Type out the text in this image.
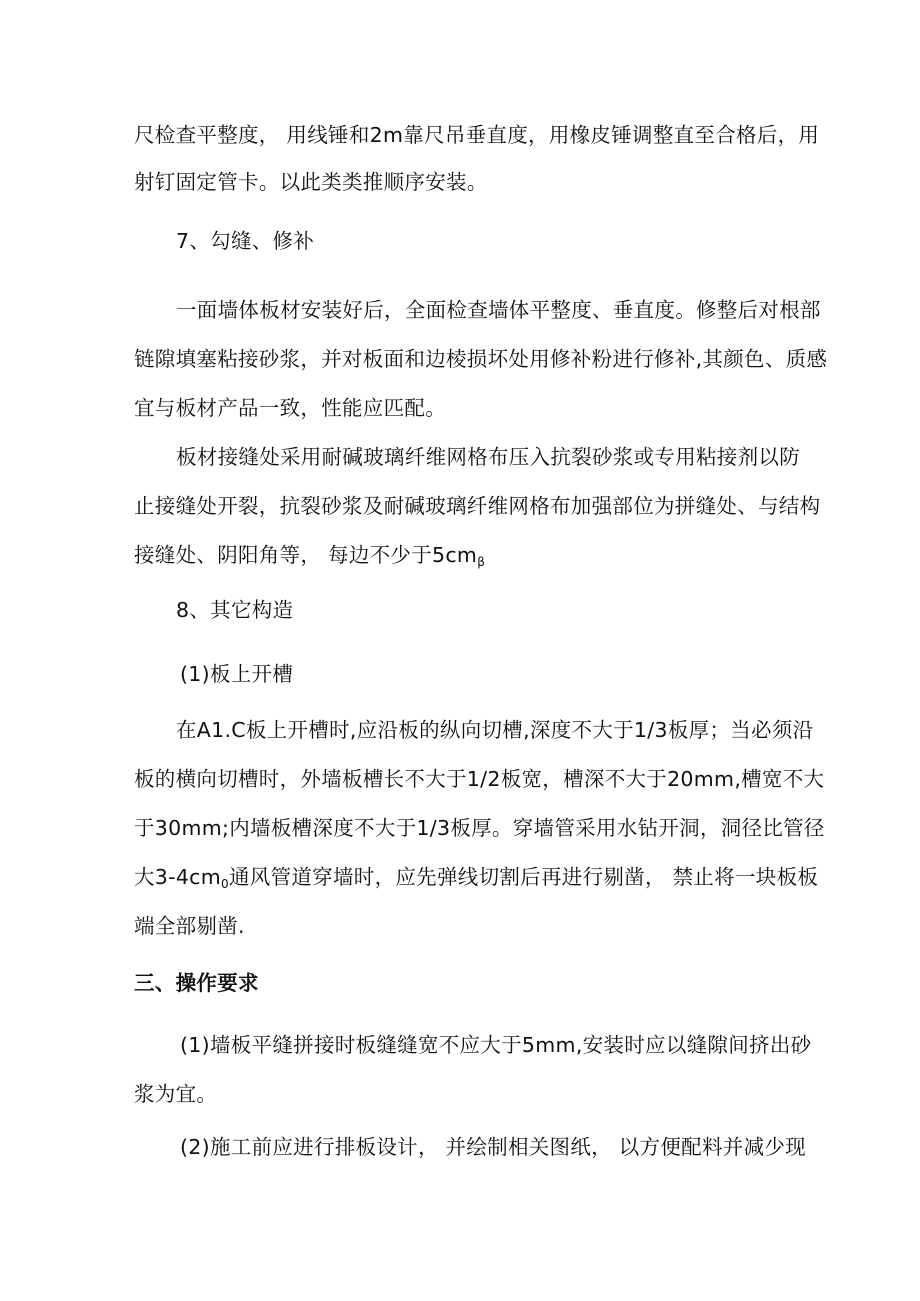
尺检查平整度， 用线锤和2m靠尺吊垂直度，用橡皮锤调整直至合格后，用
射钉固定管卡。以此类类推顺序安装。
7、勾缝、修补
一面墙体板材安装好后，全面检查墙体平整度、垂直度。修整后对根部
链隙填塞粘接砂浆，并对板面和边棱损坏处用修补粉进行修补,其颜色、质感
宜与板材产品一致，性能应匹配。
板材接缝处采用耐碱玻璃纤维网格布压入抗裂砂浆或专用粘接剂以防
止接缝处开裂，抗裂砂浆及耐碱玻璃纤维网格布加强部位为拼缝处、与结构
接缝处、阴阳角等， 每边不少于$5cm_\beta$
8、其它构造
(1)板上开槽
在A1.C板上开槽时,应沿板的纵向切槽,深度不大于1/3板厚；当必须沿
板的横向切槽时，外墙板槽长不大于1/2板宽，槽深不大于20mm,槽宽不大
于30mm;内墙板槽深度不大于1/3板厚。穿墙管采用水钻开洞，洞径比管径
大$3-4cm_0$通风管道穿墙时，应先弹线切割后再进行剔凿， 禁止将一块板板
端全部剔凿.
三、操作要求
(1)墙板平缝拼接时板缝缝宽不应大于5mm,安装时应以缝隙间挤出砂
浆为宜。
(2)施工前应进行排板设计， 并绘制相关图纸， 以方便配料并减少现
